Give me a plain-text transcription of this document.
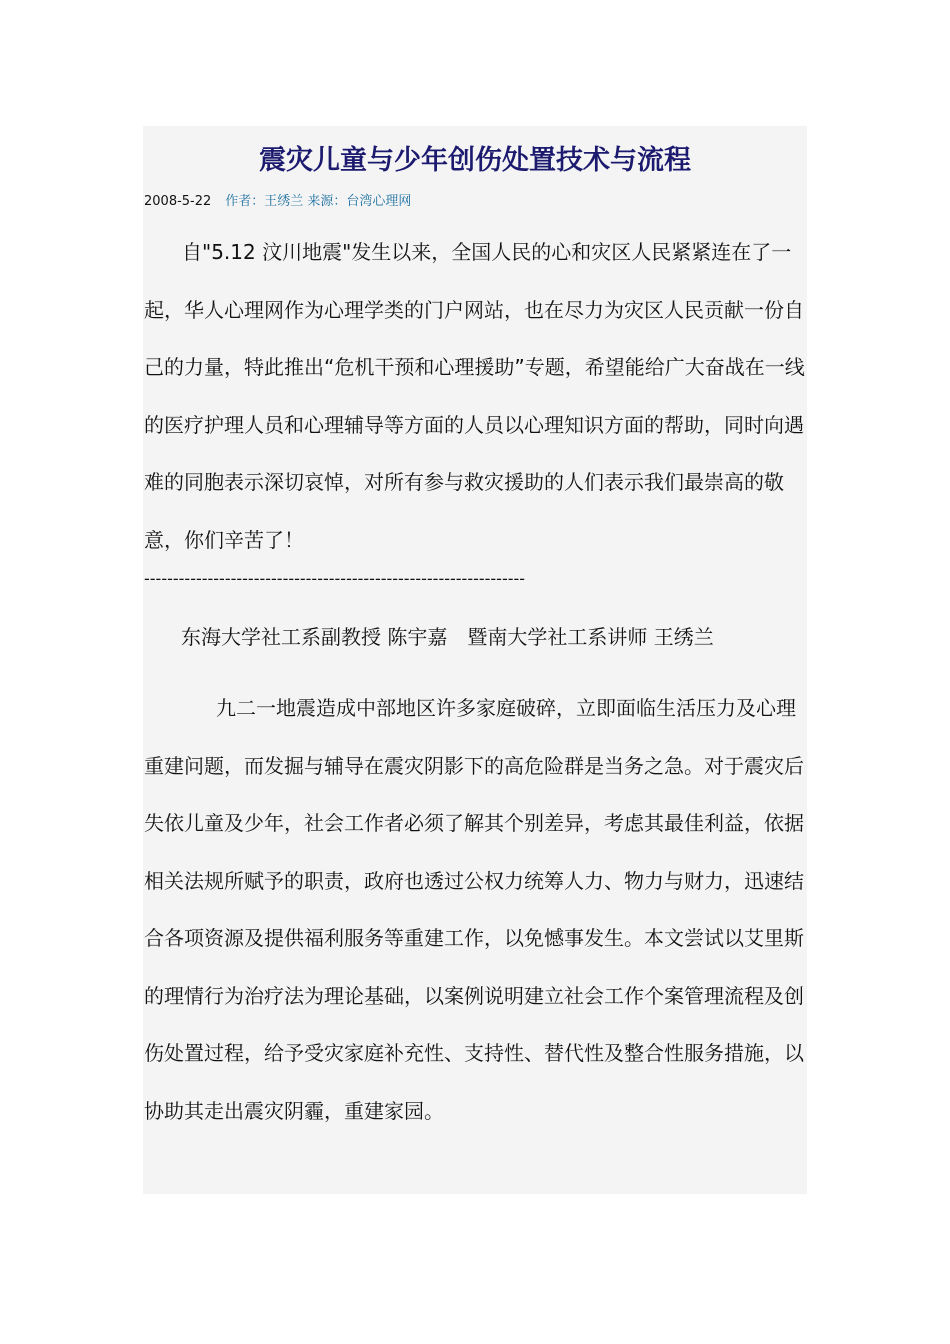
震灾儿童与少年创伤处置技术与流程
2008-5-22 作者：王绣兰 来源：台湾心理网

自"5.12 汶川地震"发生以来，全国人民的心和灾区人民紧紧连在了一起，华人心理网作为心理学类的门户网站，也在尽力为灾区人民贡献一份自己的力量，特此推出“危机干预和心理援助”专题，希望能给广大奋战在一线的医疗护理人员和心理辅导等方面的人员以心理知识方面的帮助，同时向遇难的同胞表示深切哀悼，对所有参与救灾援助的人们表示我们最崇高的敬意，你们辛苦了！

------------------------------------------------------------------
东海大学社工系副教授 陈宇嘉　暨南大学社工系讲师 王绣兰

九二一地震造成中部地区许多家庭破碎，立即面临生活压力及心理重建问题，而发掘与辅导在震灾阴影下的高危险群是当务之急。对于震灾后失依儿童及少年，社会工作者必须了解其个别差异，考虑其最佳利益，依据相关法规所赋予的职责，政府也透过公权力统筹人力、物力与财力，迅速结合各项资源及提供福利服务等重建工作，以免憾事发生。本文尝试以艾里斯的理情行为治疗法为理论基础，以案例说明建立社会工作个案管理流程及创伤处置过程，给予受灾家庭补充性、支持性、替代性及整合性服务措施，以协助其走出震灾阴霾，重建家园。
